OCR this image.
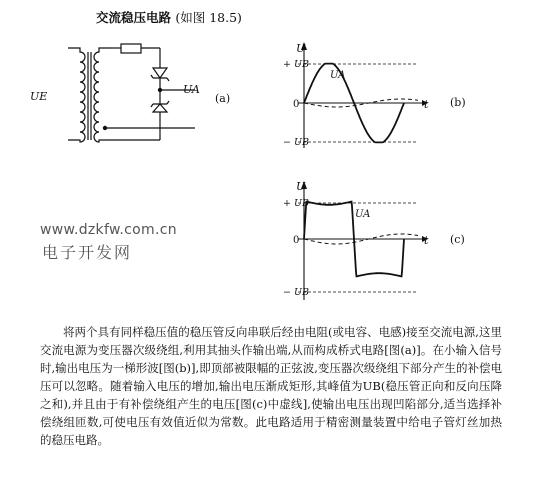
交流稳压电路 (如图 18.5)
UE
UA
(a)
U
t
0
+ UB
− UB
UA
(b)
U
t
0
+ UB
− UB
UA
(c)
www.dzkfw.com.cn
电子开发网

将两个具有同样稳压值的稳压管反向串联后经由电阻(或电容、电感)接至交流电源,这里交流电源为变压器次级绕组,利用其抽头作输出端,从而构成桥式电路[图(a)]。在小输入信号时,输出电压为一梯形波[图(b)],即顶部被限幅的正弦波,变压器次级绕组下部分产生的补偿电压可以忽略。随着输入电压的增加,输出电压渐成矩形,其峰值为UB(稳压管正向和反向压降之和),并且由于有补偿绕组产生的电压[图(c)中虚线],使输出电压出现凹陷部分,适当选择补偿绕组匝数,可使电压有效值近似为常数。此电路适用于精密测量装置中给电子管灯丝加热的稳压电路。
